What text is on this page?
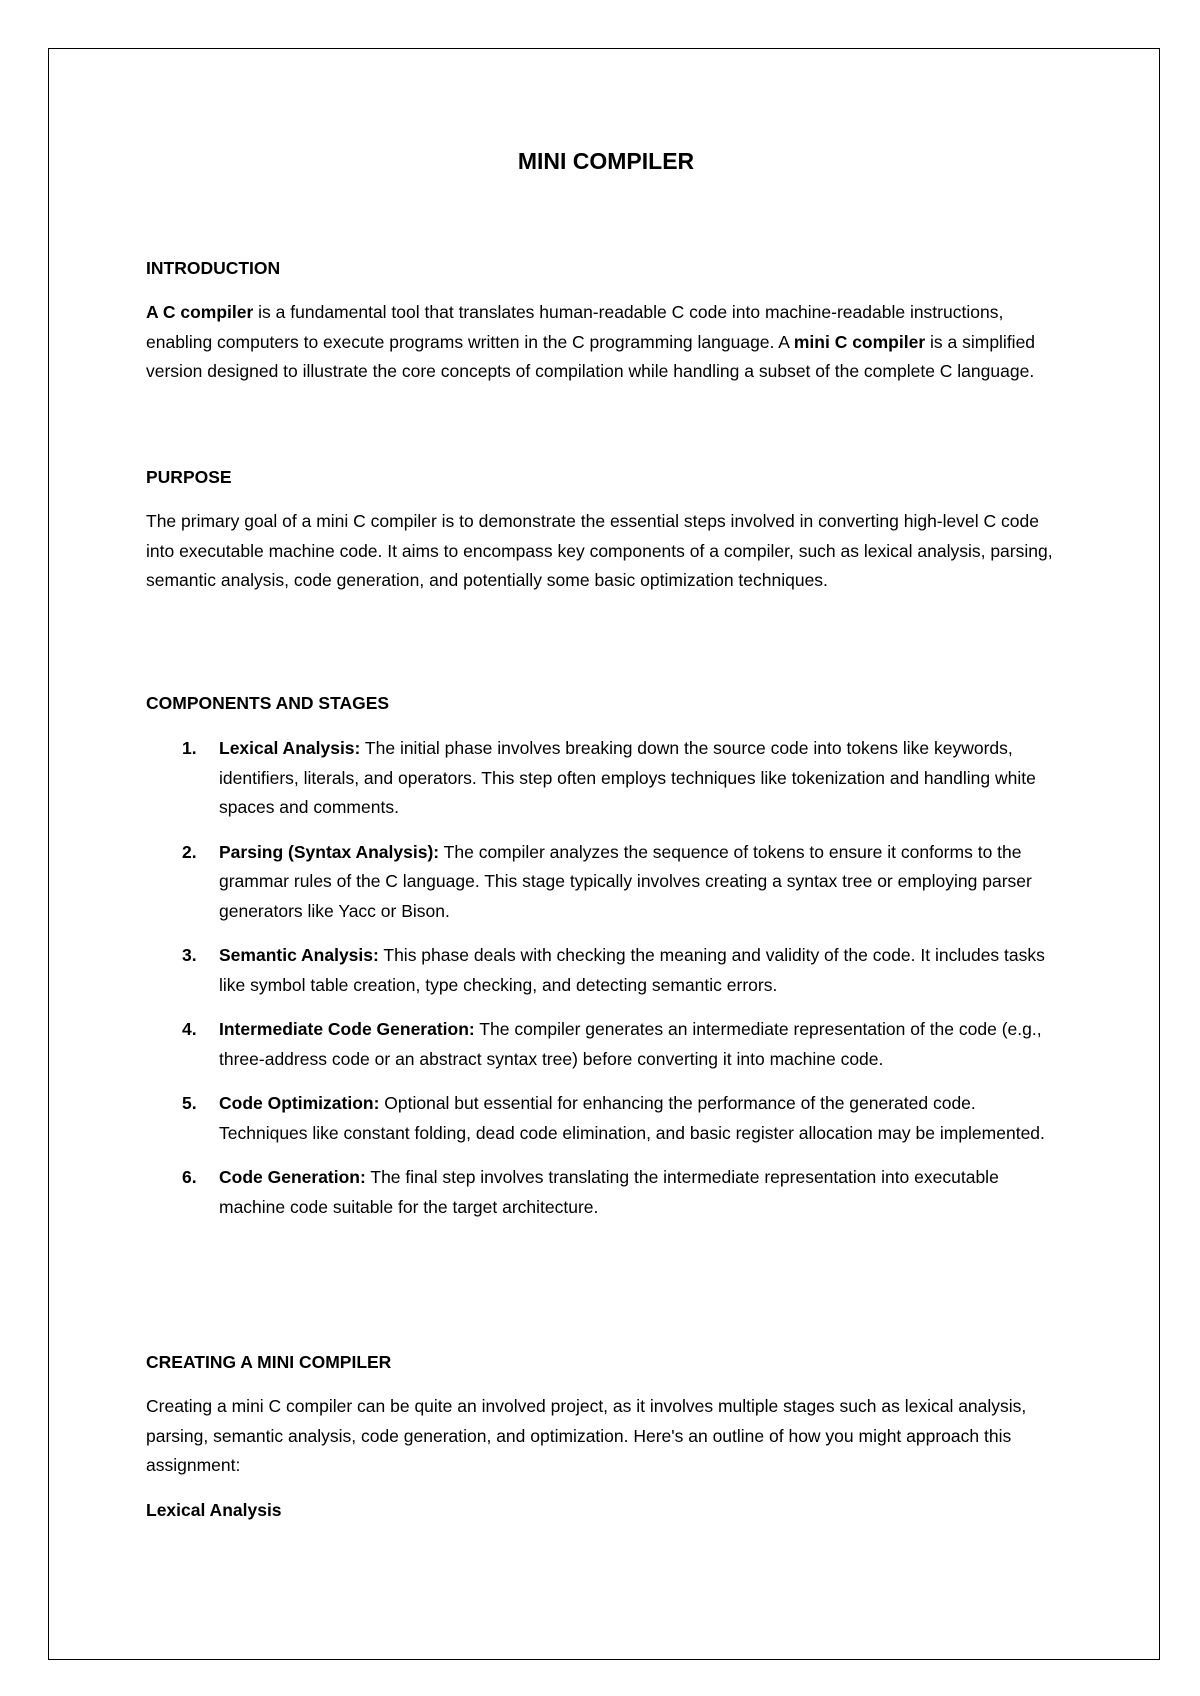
MINI COMPILER
INTRODUCTION

A C compiler is a fundamental tool that translates human-readable C code into machine-readable instructions, enabling computers to execute programs written in the C programming language. A mini C compiler is a simplified version designed to illustrate the core concepts of compilation while handling a subset of the complete C language.

PURPOSE

The primary goal of a mini C compiler is to demonstrate the essential steps involved in converting high-level C code into executable machine code. It aims to encompass key components of a compiler, such as lexical analysis, parsing, semantic analysis, code generation, and potentially some basic optimization techniques.

COMPONENTS AND STAGES
1. Lexical Analysis: The initial phase involves breaking down the source code into tokens like keywords, identifiers, literals, and operators. This step often employs techniques like tokenization and handling white spaces and comments.
2. Parsing (Syntax Analysis): The compiler analyzes the sequence of tokens to ensure it conforms to the grammar rules of the C language. This stage typically involves creating a syntax tree or employing parser generators like Yacc or Bison.
3. Semantic Analysis: This phase deals with checking the meaning and validity of the code. It includes tasks like symbol table creation, type checking, and detecting semantic errors.
4. Intermediate Code Generation: The compiler generates an intermediate representation of the code (e.g., three-address code or an abstract syntax tree) before converting it into machine code.
5. Code Optimization: Optional but essential for enhancing the performance of the generated code. Techniques like constant folding, dead code elimination, and basic register allocation may be implemented.
6. Code Generation: The final step involves translating the intermediate representation into executable machine code suitable for the target architecture.
CREATING A MINI COMPILER

Creating a mini C compiler can be quite an involved project, as it involves multiple stages such as lexical analysis, parsing, semantic analysis, code generation, and optimization. Here's an outline of how you might approach this assignment:

Lexical Analysis
